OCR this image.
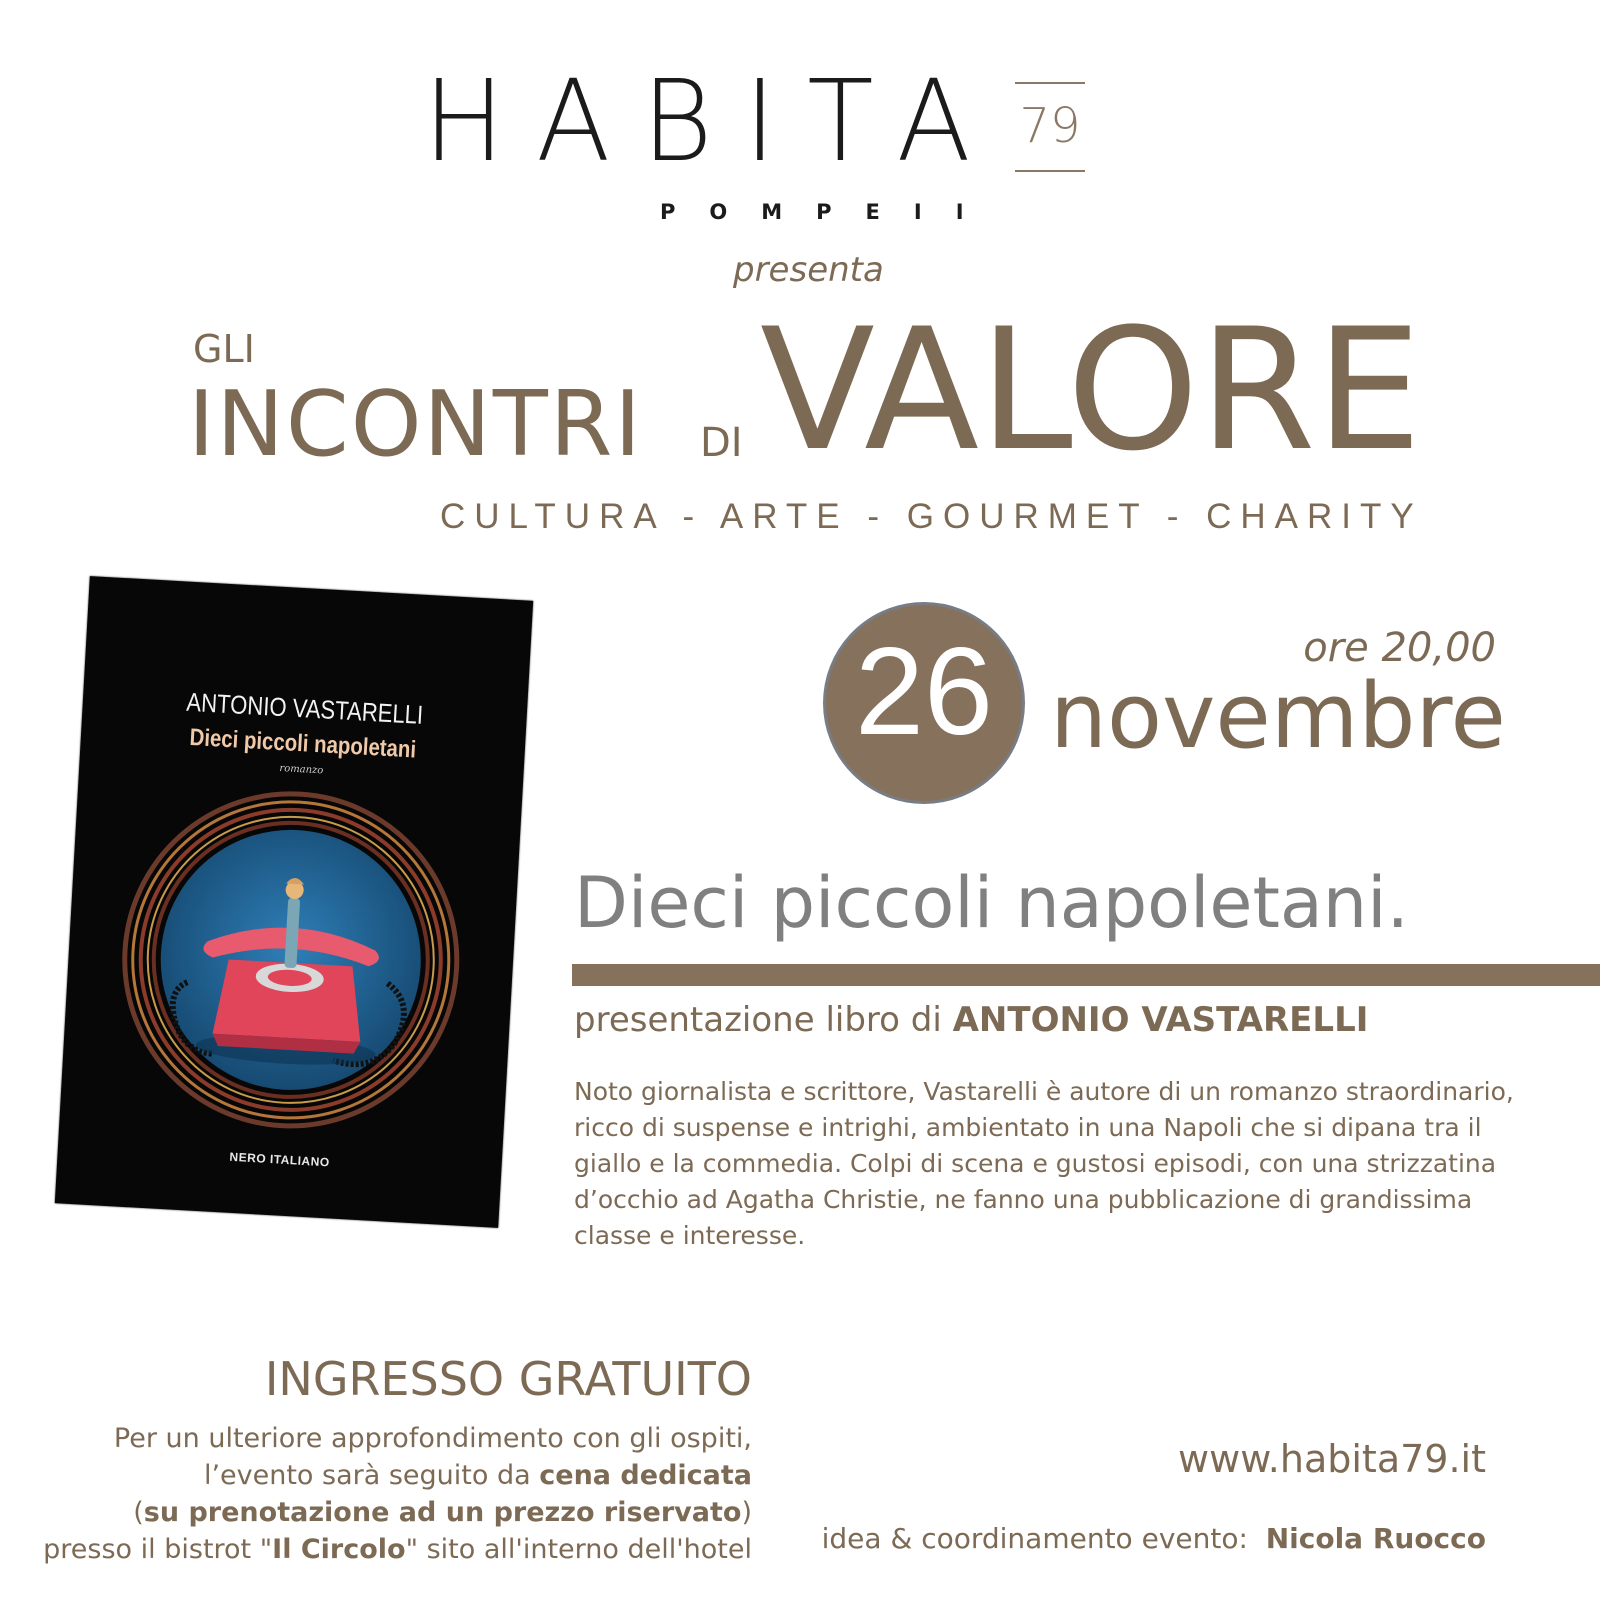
HABITA 79
POMPEII
presenta
GLI
INCONTRI DI VALORE
CULTURA - ARTE - GOURMET - CHARITY
ANTONIO VASTARELLI
Dieci piccoli napoletani
romanzo
NERO ITALIANO
26	ore 20,00
novembre
Dieci piccoli napoletani.
presentazione libro di ANTONIO VASTARELLI
Noto giornalista e scrittore, Vastarelli è autore di un romanzo straordinario,
ricco di suspense e intrighi, ambientato in una Napoli che si dipana tra il
giallo e la commedia. Colpi di scena e gustosi episodi, con una strizzatina
d’occhio ad Agatha Christie, ne fanno una pubblicazione di grandissima
classe e interesse.
INGRESSO GRATUITO
Per un ulteriore approfondimento con gli ospiti,
l’evento sarà seguito da cena dedicata
(su prenotazione ad un prezzo riservato)
presso il bistrot "Il Circolo" sito all'interno dell'hotel
www.habita79.it
idea & coordinamento evento: Nicola Ruocco
